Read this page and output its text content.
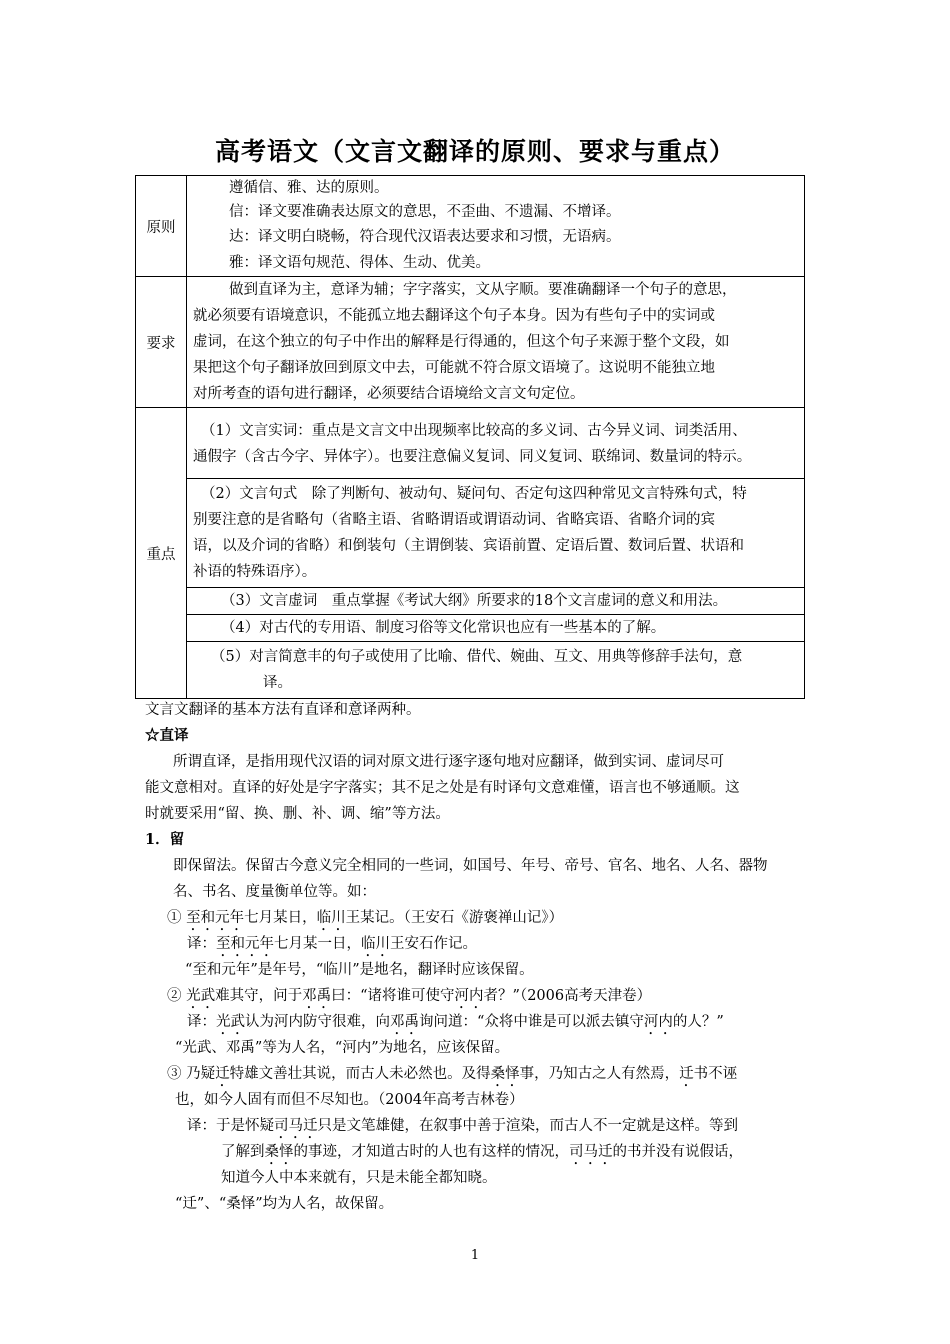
高考语文（文言文翻译的原则、要求与重点）
原则	遵循信、雅、达的原则。
信：译文要准确表达原文的意思，不歪曲、不遗漏、不增译。
达：译文明白晓畅，符合现代汉语表达要求和习惯，无语病。
雅：译文语句规范、得体、生动、优美。

要求	做到直译为主，意译为辅；字字落实，文从字顺。要准确翻译一个句子的意思，
就必须要有语境意识，不能孤立地去翻译这个句子本身。因为有些句子中的实词或
虚词，在这个独立的句子中作出的解释是行得通的，但这个句子来源于整个文段，如
果把这个句子翻译放回到原文中去，可能就不符合原文语境了。这说明不能独立地
对所考查的语句进行翻译，必须要结合语境给文言文句定位。

重点	（1）文言实词：重点是文言文中出现频率比较高的多义词、古今异义词、词类活用、
通假字（含古今字、异体字）。也要注意偏义复词、同义复词、联绵词、数量词的特示。

	（2）文言句式　除了判断句、被动句、疑问句、否定句这四种常见文言特殊句式，特
别要注意的是省略句（省略主语、省略谓语或谓语动词、省略宾语、省略介词的宾
语，以及介词的省略）和倒装句（主谓倒装、宾语前置、定语后置、数词后置、状语和
补语的特殊语序）。

	（3）文言虚词　重点掌握《考试大纲》所要求的18个文言虚词的意义和用法。

	（4）对古代的专用语、制度习俗等文化常识也应有一些基本的了解。

	（5）对言简意丰的句子或使用了比喻、借代、婉曲、互文、用典等修辞手法句，意
译。
文言文翻译的基本方法有直译和意译两种。
☆直译
所谓直译，是指用现代汉语的词对原文进行逐字逐句地对应翻译，做到实词、虚词尽可
能文意相对。直译的好处是字字落实；其不足之处是有时译句文意难懂，语言也不够通顺。这
时就要采用“留、换、删、补、调、缩”等方法。
1．留
即保留法。保留古今意义完全相同的一些词，如国号、年号、帝号、官名、地名、人名、器物
名、书名、度量衡单位等。如：
① 至和元年七月某日，临川王某记。（王安石《游褒禅山记》）
译：至和元年七月某一日，临川王安石作记。
“至和元年”是年号，“临川”是地名，翻译时应该保留。
② 光武难其守，问于邓禹曰：“诸将谁可使守河内者？”（2006高考天津卷）
译：光武认为河内防守很难，向邓禹询问道：“众将中谁是可以派去镇守河内的人？”
“光武、邓禹”等为人名，“河内”为地名，应该保留。
③ 乃疑迁特雄文善壮其说，而古人未必然也。及得桑怿事，乃知古之人有然焉，迁书不诬
也，如今人固有而但不尽知也。（2004年高考吉林卷）
译：于是怀疑司马迁只是文笔雄健，在叙事中善于渲染，而古人不一定就是这样。等到
了解到桑怿的事迹，才知道古时的人也有这样的情况，司马迁的书并没有说假话，
知道今人中本来就有，只是未能全都知晓。
“迁”、“桑怿”均为人名，故保留。
1
